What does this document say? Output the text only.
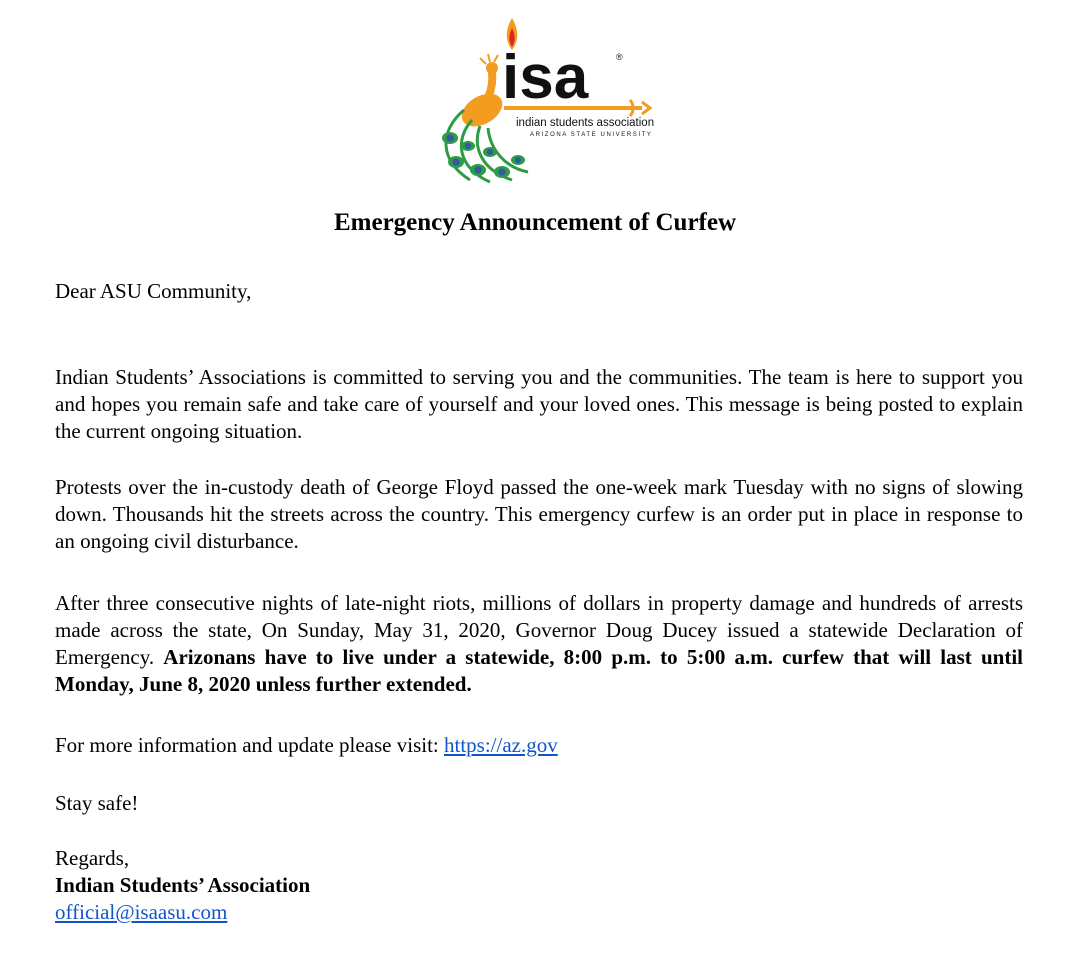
isa	®
indian students association
ARIZONA STATE UNIVERSITY
Emergency Announcement of Curfew

Dear ASU Community,

Indian Students’ Associations is committed to serving you and the communities. The team is here to support you and hopes you remain safe and take care of yourself and your loved ones. This message is being posted to explain the current ongoing situation.

Protests over the in-custody death of George Floyd passed the one-week mark Tuesday with no signs of slowing down. Thousands hit the streets across the country. This emergency curfew is an order put in place in response to an ongoing civil disturbance.

After three consecutive nights of late-night riots, millions of dollars in property damage and hundreds of arrests made across the state, On Sunday, May 31, 2020, Governor Doug Ducey issued a statewide Declaration of Emergency. Arizonans have to live under a statewide, 8:00 p.m. to 5:00 a.m. curfew that will last until Monday, June 8, 2020 unless further extended.

For more information and update please visit: https://az.gov

Stay safe!

Regards,
Indian Students’ Association
official@isaasu.com
